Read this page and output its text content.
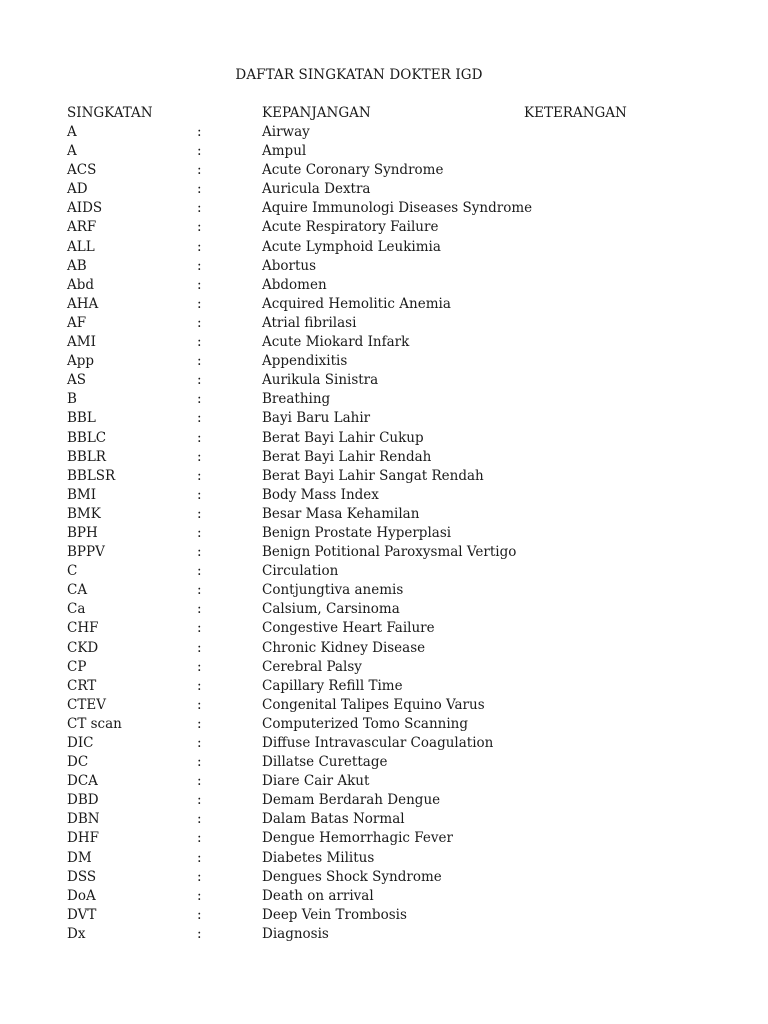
DAFTAR SINGKATAN DOKTER IGD
SINGKATAN	KEPANJANGAN	KETERANGAN
A	:	Airway
A	:	Ampul
ACS	:	Acute Coronary Syndrome
AD	:	Auricula Dextra
AIDS	:	Aquire Immunologi Diseases Syndrome
ARF	:	Acute Respiratory Failure
ALL	:	Acute Lymphoid Leukimia
AB	:	Abortus
Abd	:	Abdomen
AHA	:	Acquired Hemolitic Anemia
AF	:	Atrial fibrilasi
AMI	:	Acute Miokard Infark
App	:	Appendixitis
AS	:	Aurikula Sinistra
B	:	Breathing
BBL	:	Bayi Baru Lahir
BBLC	:	Berat Bayi Lahir Cukup
BBLR	:	Berat Bayi Lahir Rendah
BBLSR	:	Berat Bayi Lahir Sangat Rendah
BMI	:	Body Mass Index
BMK	:	Besar Masa Kehamilan
BPH	:	Benign Prostate Hyperplasi
BPPV	:	Benign Potitional Paroxysmal Vertigo
C	:	Circulation
CA	:	Contjungtiva anemis
Ca	:	Calsium, Carsinoma
CHF	:	Congestive Heart Failure
CKD	:	Chronic Kidney Disease
CP	:	Cerebral Palsy
CRT	:	Capillary Refill Time
CTEV	:	Congenital Talipes Equino Varus
CT scan	:	Computerized Tomo Scanning
DIC	:	Diffuse Intravascular Coagulation
DC	:	Dillatse Curettage
DCA	:	Diare Cair Akut
DBD	:	Demam Berdarah Dengue
DBN	:	Dalam Batas Normal
DHF	:	Dengue Hemorrhagic Fever
DM	:	Diabetes Militus
DSS	:	Dengues Shock Syndrome
DoA	:	Death on arrival
DVT	:	Deep Vein Trombosis
Dx	:	Diagnosis
